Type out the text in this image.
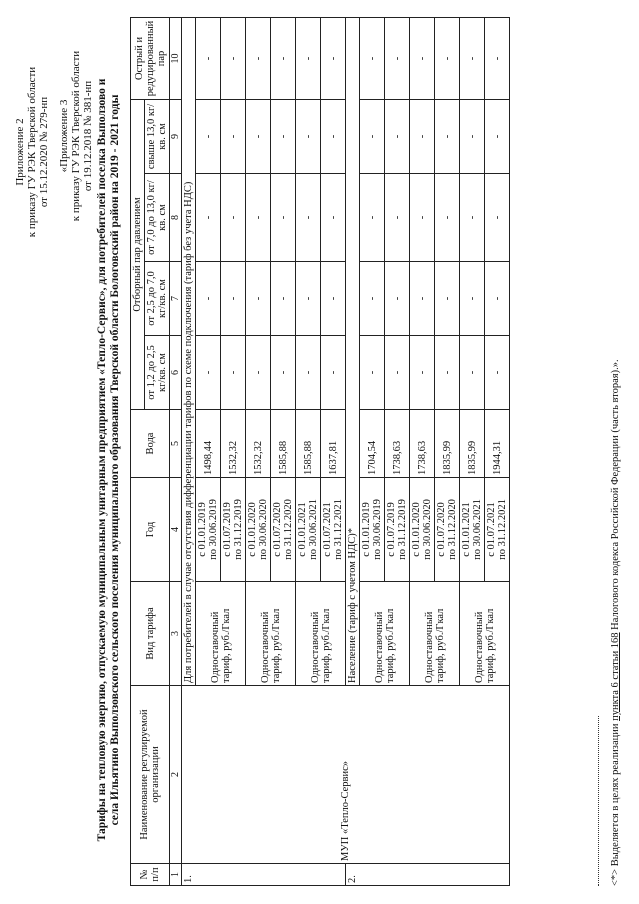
Приложение 2 к приказу ГУ РЭК Тверской области от 15.12.2020 № 279-нп «Приложение 3 к приказу ГУ РЭК Тверской области от 19.12.2018 № 381-нп Тарифы на тепловую энергию, отпускаемую муниципальным унитарным предприятием «Тепло-Сервис», для потребителей поселка Выползово и села Ильятино Выползовского сельского поселения муниципального образования Тверской области Бологовский район на 2019 - 2021 годы
№ п/п	Наименование регулируемой организации	Вид тарифа	Год	Вода	Отборный пар давлением				Острый и редуцированный пар
					от 1,2 до 2,5 кг/кв. см	от 2,5 до 7,0 кг/кв. см	от 7,0 до 13,0 кг/кв. см	свыше 13,0 кг/кв. см	
1	2	3	4	5	6	7	8	9	10
1.	МУП «Тепло-Сервис»	Для потребителей в случае отсутствия дифференциации тарифов по схеме подключения (тариф без учета НДС)							
		Одноставочный тариф, руб./Гкал	с 01.01.2019 по 30.06.2019	1498,44	-	-	-	-	-

			с 01.07.2019 по 31.12.2019	1532,32	-	-	-	-	-
		Одноставочный тариф, руб./Гкал	с 01.01.2020 по 30.06.2020	1532,32	-	-	-	-	-

			с 01.07.2020 по 31.12.2020	1585,88	-	-	-	-	-
		Одноставочный тариф, руб./Гкал	с 01.01.2021 по 30.06.2021	1585,88	-	-	-	-	-

			с 01.07.2021 по 31.12.2021	1637,81	-	-	-	-	-
2.		Население (тариф с учетом НДС)*							
		Одноставочный тариф, руб./Гкал	с 01.01.2019 по 30.06.2019	1704,54	-	-	-	-	-

			с 01.07.2019 по 31.12.2019	1738,63	-	-	-	-	-
		Одноставочный тариф, руб./Гкал	с 01.01.2020 по 30.06.2020	1738,63	-	-	-	-	-

			с 01.07.2020 по 31.12.2020	1835,99	-	-	-	-	-
		Одноставочный тариф, руб./Гкал	с 01.01.2021 по 30.06.2021	1835,99	-	-	-	-	-

			с 01.07.2021 по 31.12.2021	1944,31	-	-	-	-	-
<*> Выделяется в целях реализации пункта 6 статьи 168 Налогового кодекса Российской Федерации (часть вторая).».
